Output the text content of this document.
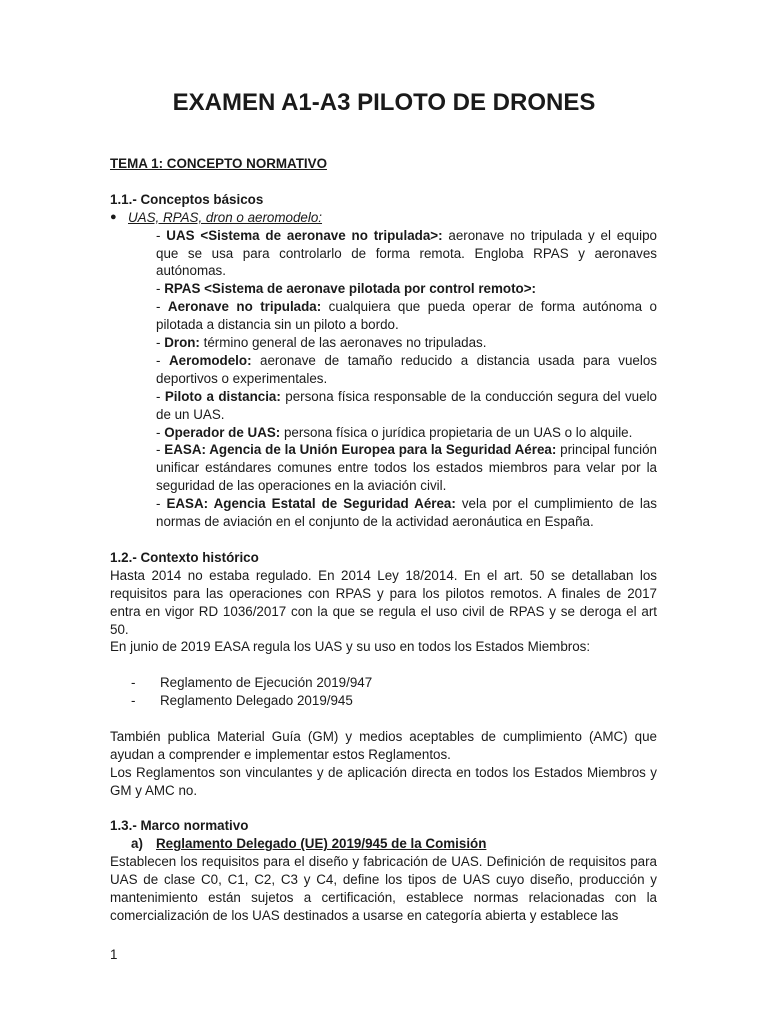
EXAMEN A1-A3 PILOTO DE DRONES

TEMA 1: CONCEPTO NORMATIVO

1.1.- Conceptos básicos

● UAS, RPAS, dron o aeromodelo:

- UAS <Sistema de aeronave no tripulada>: aeronave no tripulada y el equipo que se usa para controlarlo de forma remota. Engloba RPAS y aeronaves autónomas.

- RPAS <Sistema de aeronave pilotada por control remoto>:

- Aeronave no tripulada: cualquiera que pueda operar de forma autónoma o pilotada a distancia sin un piloto a bordo.

- Dron: término general de las aeronaves no tripuladas.

- Aeromodelo: aeronave de tamaño reducido a distancia usada para vuelos deportivos o experimentales.

- Piloto a distancia: persona física responsable de la conducción segura del vuelo de un UAS.

- Operador de UAS: persona física o jurídica propietaria de un UAS o lo alquile.

- EASA: Agencia de la Unión Europea para la Seguridad Aérea: principal función unificar estándares comunes entre todos los estados miembros para velar por la seguridad de las operaciones en la aviación civil.

- EASA: Agencia Estatal de Seguridad Aérea: vela por el cumplimiento de las normas de aviación en el conjunto de la actividad aeronáutica en España.

1.2.- Contexto histórico

Hasta 2014 no estaba regulado. En 2014 Ley 18/2014. En el art. 50 se detallaban los requisitos para las operaciones con RPAS y para los pilotos remotos. A finales de 2017 entra en vigor RD 1036/2017 con la que se regula el uso civil de RPAS y se deroga el art 50.

En junio de 2019 EASA regula los UAS y su uso en todos los Estados Miembros:

-	Reglamento de Ejecución 2019/947
-	Reglamento Delegado 2019/945

También publica Material Guía (GM) y medios aceptables de cumplimiento (AMC) que ayudan a comprender e implementar estos Reglamentos.

Los Reglamentos son vinculantes y de aplicación directa en todos los Estados Miembros y GM y AMC no.

1.3.- Marco normativo

a) Reglamento Delegado (UE) 2019/945 de la Comisión

Establecen los requisitos para el diseño y fabricación de UAS. Definición de requisitos para UAS de clase C0, C1, C2, C3 y C4, define los tipos de UAS cuyo diseño, producción y mantenimiento están sujetos a certificación, establece normas relacionadas con la comercialización de los UAS destinados a usarse en categoría abierta y establece las

1
